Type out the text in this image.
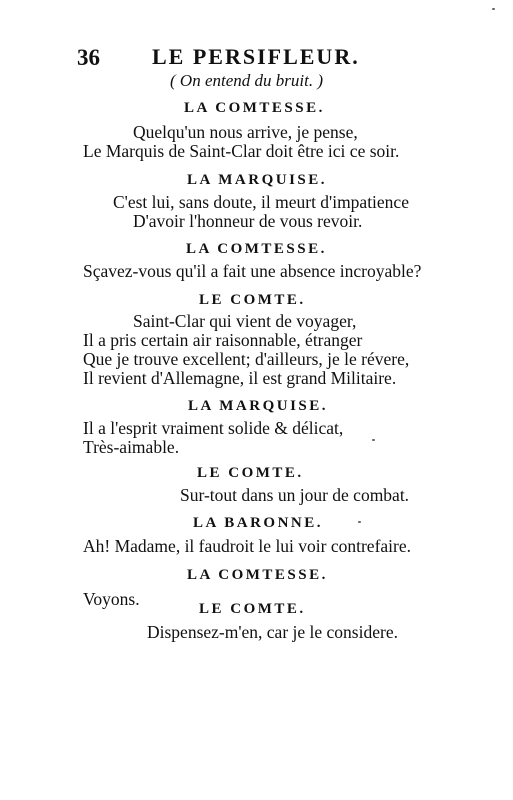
36 LE PERSIFLEUR.
( On entend du bruit. )
LA COMTESSE.
Quelqu'un nous arrive, je pense,
Le Marquis de Saint-Clar doit être ici ce soir.
LA MARQUISE.
C'est lui, sans doute, il meurt d'impatience
D'avoir l'honneur de vous revoir.
LA COMTESSE.
Sçavez-vous qu'il a fait une absence incroyable?
LE COMTE.
Saint-Clar qui vient de voyager,
Il a pris certain air raisonnable, étranger
Que je trouve excellent; d'ailleurs, je le révere,
Il revient d'Allemagne, il est grand Militaire.
LA MARQUISE.
Il a l'esprit vraiment solide & délicat,
Très-aimable.
LE COMTE.
Sur-tout dans un jour de combat.
LA BARONNE.
Ah! Madame, il faudroit le lui voir contrefaire.
LA COMTESSE.
Voyons.	LE COMTE.
Dispensez-m'en, car je le considere.
